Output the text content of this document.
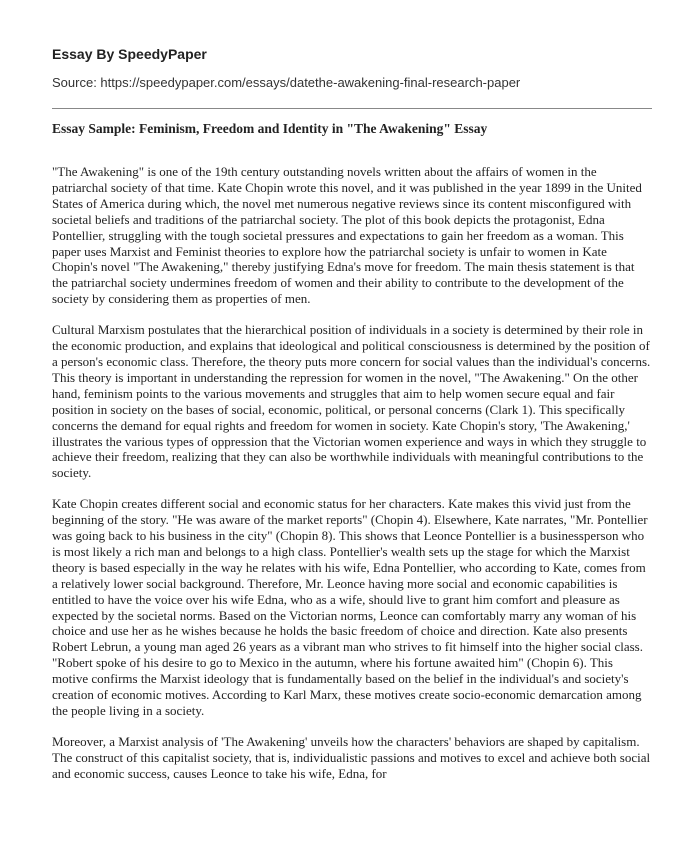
Essay By SpeedyPaper
Source: https://speedypaper.com/essays/datethe-awakening-final-research-paper
Essay Sample: Feminism, Freedom and Identity in "The Awakening" Essay

"The Awakening" is one of the 19th century outstanding novels written about the affairs of women in the patriarchal society of that time. Kate Chopin wrote this novel, and it was published in the year 1899 in the United States of America during which, the novel met numerous negative reviews since its content misconfigured with societal beliefs and traditions of the patriarchal society. The plot of this book depicts the protagonist, Edna Pontellier, struggling with the tough societal pressures and expectations to gain her freedom as a woman. This paper uses Marxist and Feminist theories to explore how the patriarchal society is unfair to women in Kate Chopin's novel "The Awakening," thereby justifying Edna's move for freedom. The main thesis statement is that the patriarchal society undermines freedom of women and their ability to contribute to the development of the society by considering them as properties of men.

Cultural Marxism postulates that the hierarchical position of individuals in a society is determined by their role in the economic production, and explains that ideological and political consciousness is determined by the position of a person's economic class. Therefore, the theory puts more concern for social values than the individual's concerns. This theory is important in understanding the repression for women in the novel, "The Awakening." On the other hand, feminism points to the various movements and struggles that aim to help women secure equal and fair position in society on the bases of social, economic, political, or personal concerns (Clark 1). This specifically concerns the demand for equal rights and freedom for women in society. Kate Chopin's story, 'The Awakening,' illustrates the various types of oppression that the Victorian women experience and ways in which they struggle to achieve their freedom, realizing that they can also be worthwhile individuals with meaningful contributions to the society.

Kate Chopin creates different social and economic status for her characters. Kate makes this vivid just from the beginning of the story. "He was aware of the market reports" (Chopin 4). Elsewhere, Kate narrates, "Mr. Pontellier was going back to his business in the city" (Chopin 8). This shows that Leonce Pontellier is a businessperson who is most likely a rich man and belongs to a high class. Pontellier's wealth sets up the stage for which the Marxist theory is based especially in the way he relates with his wife, Edna Pontellier, who according to Kate, comes from a relatively lower social background. Therefore, Mr. Leonce having more social and economic capabilities is entitled to have the voice over his wife Edna, who as a wife, should live to grant him comfort and pleasure as expected by the societal norms. Based on the Victorian norms, Leonce can comfortably marry any woman of his choice and use her as he wishes because he holds the basic freedom of choice and direction. Kate also presents Robert Lebrun, a young man aged 26 years as a vibrant man who strives to fit himself into the higher social class. "Robert spoke of his desire to go to Mexico in the autumn, where his fortune awaited him" (Chopin 6). This motive confirms the Marxist ideology that is fundamentally based on the belief in the individual's and society's creation of economic motives. According to Karl Marx, these motives create socio-economic demarcation among the people living in a society.

Moreover, a Marxist analysis of 'The Awakening' unveils how the characters' behaviors are shaped by capitalism. The construct of this capitalist society, that is, individualistic passions and motives to excel and achieve both social and economic success, causes Leonce to take his wife, Edna, for
